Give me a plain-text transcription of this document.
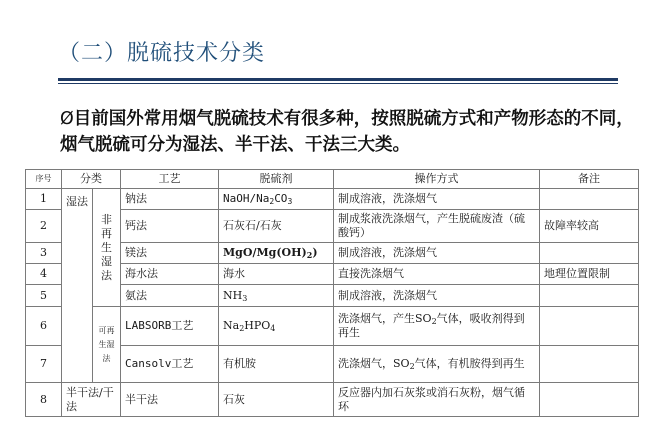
（二）脱硫技术分类
Ø目前国外常用烟气脱硫技术有很多种，按照脱硫方式和产物形态的不同，烟气脱硫可分为湿法、半干法、干法三大类。
序号	分类		工艺	脱硫剂	操作方式	备注
1	湿法	非再生湿法	钠法	NaOH/$Na_2CO_3$	制成溶液，洗涤烟气	
2			钙法	石灰石/石灰	制成浆液洗涤烟气，产生脱硫废渣（硫酸钙）	故障率较高
3			镁法	MgO/$Mg(OH)_2$)	制成溶液，洗涤烟气	
4			海水法	海水	直接洗涤烟气	地理位置限制
5			氨法	$NH_3$	制成溶液，洗涤烟气	
6		可再生湿法	LABSORB工艺	$Na_2HPO_4$	洗涤烟气，产生$SO_2$气体，吸收剂得到再生	
7			Cansolv工艺	有机胺	洗涤烟气，$SO_2$气体，有机胺得到再生	
8	半干法/干法		半干法	石灰	反应器内加石灰浆或消石灰粉，烟气循环	
